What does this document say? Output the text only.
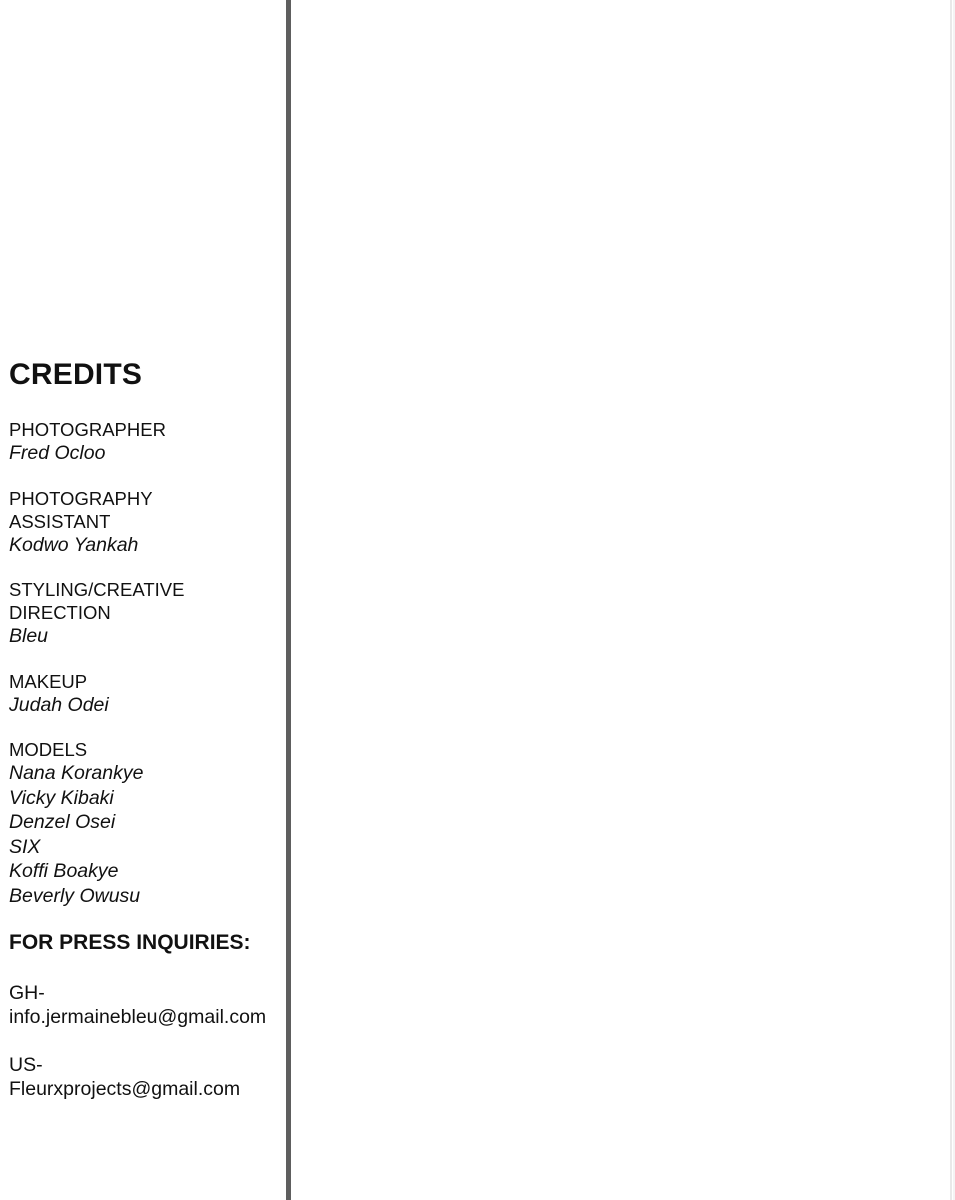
CREDITS
PHOTOGRAPHER
Fred Ocloo
PHOTOGRAPHY
ASSISTANT
Kodwo Yankah
STYLING/CREATIVE
DIRECTION
Bleu
MAKEUP
Judah Odei
MODELS
Nana Korankye
Vicky Kibaki
Denzel Osei
SIX
Koffi Boakye
Beverly Owusu
FOR PRESS INQUIRIES:
GH-
info.jermainebleu@gmail.com
US-
Fleurxprojects@gmail.com
